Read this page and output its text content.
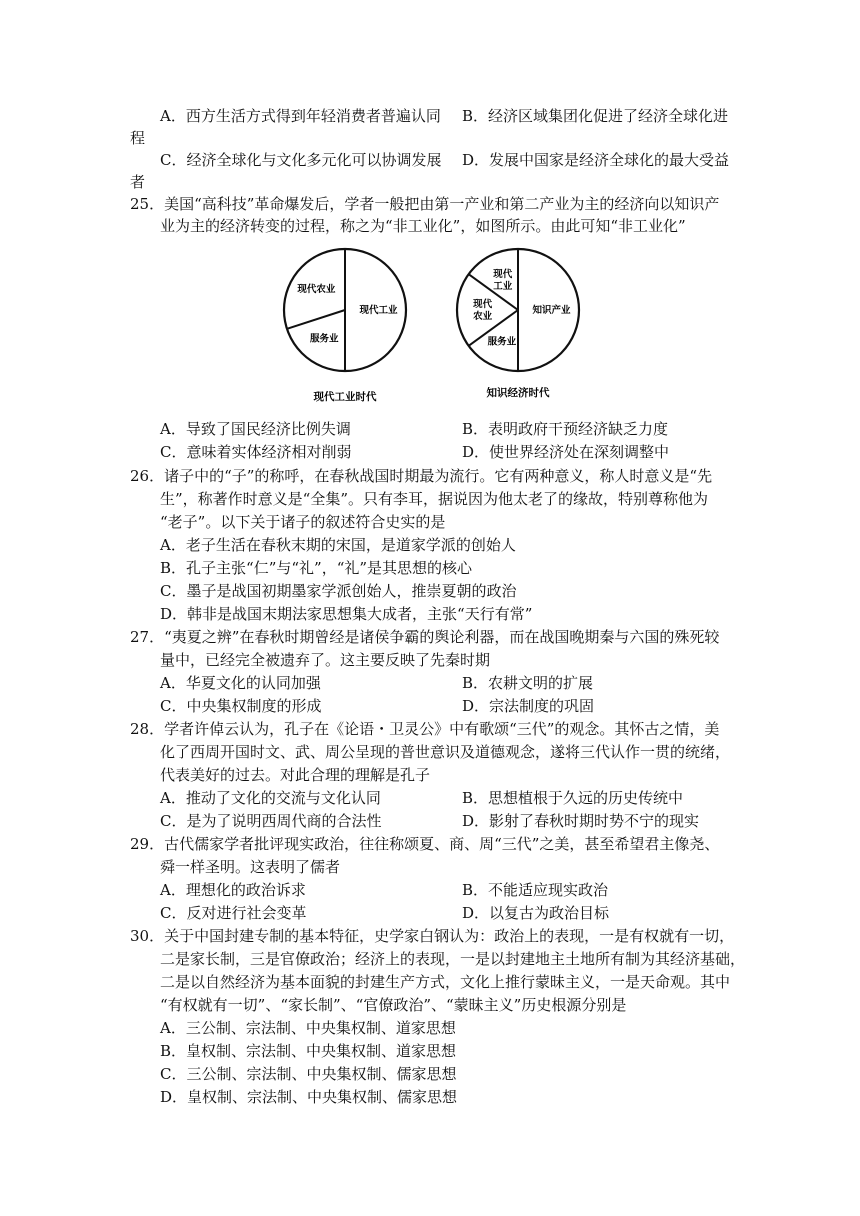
A．西方生活方式得到年轻消费者普遍认同 B．经济区域集团化促进了经济全球化进
程
C．经济全球化与文化多元化可以协调发展 D．发展中国家是经济全球化的最大受益
者
25．美国“高科技”革命爆发后，学者一般把由第一产业和第二产业为主的经济向以知识产
业为主的经济转变的过程，称之为“非工业化”，如图所示。由此可知“非工业化”
现代工业
服务业
现代农业
现代工业时代
知识产业
服务业
现代农业
现代工业
知识经济时代
A．导致了国民经济比例失调	B．表明政府干预经济缺乏力度
C．意味着实体经济相对削弱	D．使世界经济处在深刻调整中
26．诸子中的“子”的称呼，在春秋战国时期最为流行。它有两种意义，称人时意义是“先
生”，称著作时意义是“全集”。只有李耳，据说因为他太老了的缘故，特别尊称他为
“老子”。以下关于诸子的叙述符合史实的是
A．老子生活在春秋末期的宋国，是道家学派的创始人
B．孔子主张“仁”与“礼”，“礼”是其思想的核心
C．墨子是战国初期墨家学派创始人，推崇夏朝的政治
D．韩非是战国末期法家思想集大成者，主张“天行有常”
27．“夷夏之辨”在春秋时期曾经是诸侯争霸的舆论利器，而在战国晚期秦与六国的殊死较
量中，已经完全被遗弃了。这主要反映了先秦时期
A．华夏文化的认同加强	B．农耕文明的扩展
C．中央集权制度的形成	D．宗法制度的巩固
28．学者许倬云认为，孔子在《论语・卫灵公》中有歌颂“三代”的观念。其怀古之情，美
化了西周开国时文、武、周公呈现的普世意识及道德观念，遂将三代认作一贯的统绪，
代表美好的过去。对此合理的理解是孔子
A．推动了文化的交流与文化认同	B．思想植根于久远的历史传统中
C．是为了说明西周代商的合法性	D．影射了春秋时期时势不宁的现实
29．古代儒家学者批评现实政治，往往称颂夏、商、周“三代”之美，甚至希望君主像尧、
舜一样圣明。这表明了儒者
A．理想化的政治诉求	B．不能适应现实政治
C．反对进行社会变革	D．以复古为政治目标
30．关于中国封建专制的基本特征，史学家白钢认为：政治上的表现，一是有权就有一切，
二是家长制，三是官僚政治；经济上的表现，一是以封建地主土地所有制为其经济基础，
二是以自然经济为基本面貌的封建生产方式，文化上推行蒙昧主义，一是天命观。其中
“有权就有一切”、“家长制”、“官僚政治”、“蒙昧主义”历史根源分别是
A．三公制、宗法制、中央集权制、道家思想
B．皇权制、宗法制、中央集权制、道家思想
C．三公制、宗法制、中央集权制、儒家思想
D．皇权制、宗法制、中央集权制、儒家思想
